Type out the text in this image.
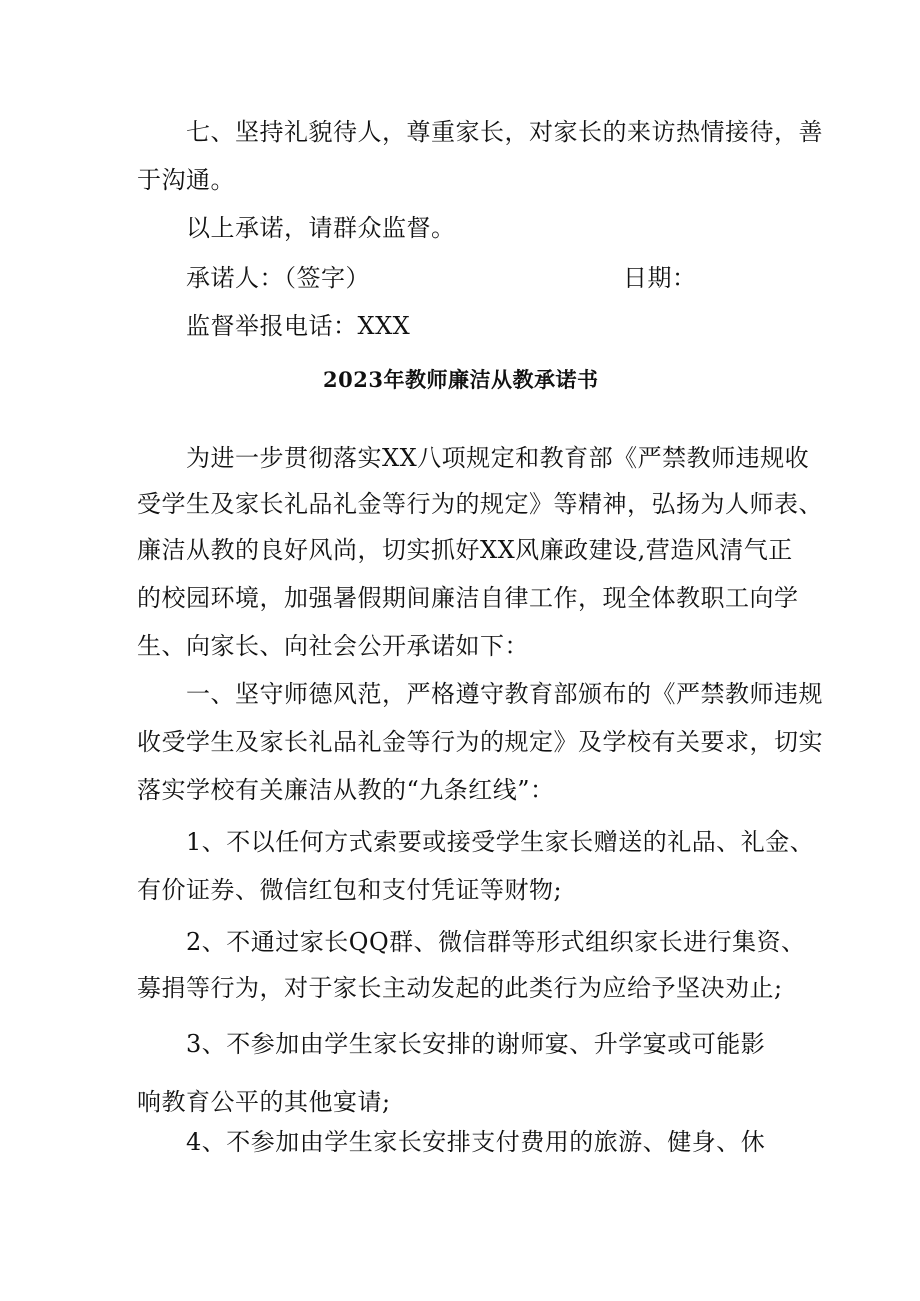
七、坚持礼貌待人，尊重家长，对家长的来访热情接待，善
于沟通。
以上承诺，请群众监督。
承诺人：（签字）	日期：
监督举报电话：XXX
2023年教师廉洁从教承诺书
为进一步贯彻落实XX八项规定和教育部《严禁教师违规收
受学生及家长礼品礼金等行为的规定》等精神，弘扬为人师表、
廉洁从教的良好风尚，切实抓好XX风廉政建设,营造风清气正
的校园环境，加强暑假期间廉洁自律工作，现全体教职工向学
生、向家长、向社会公开承诺如下：
一、坚守师德风范，严格遵守教育部颁布的《严禁教师违规
收受学生及家长礼品礼金等行为的规定》及学校有关要求，切实
落实学校有关廉洁从教的“九条红线”：
1、不以任何方式索要或接受学生家长赠送的礼品、礼金、
有价证券、微信红包和支付凭证等财物;
2、不通过家长QQ群、微信群等形式组织家长进行集资、
募捐等行为，对于家长主动发起的此类行为应给予坚决劝止;
3、不参加由学生家长安排的谢师宴、升学宴或可能影
响教育公平的其他宴请;
4、不参加由学生家长安排支付费用的旅游、健身、休
